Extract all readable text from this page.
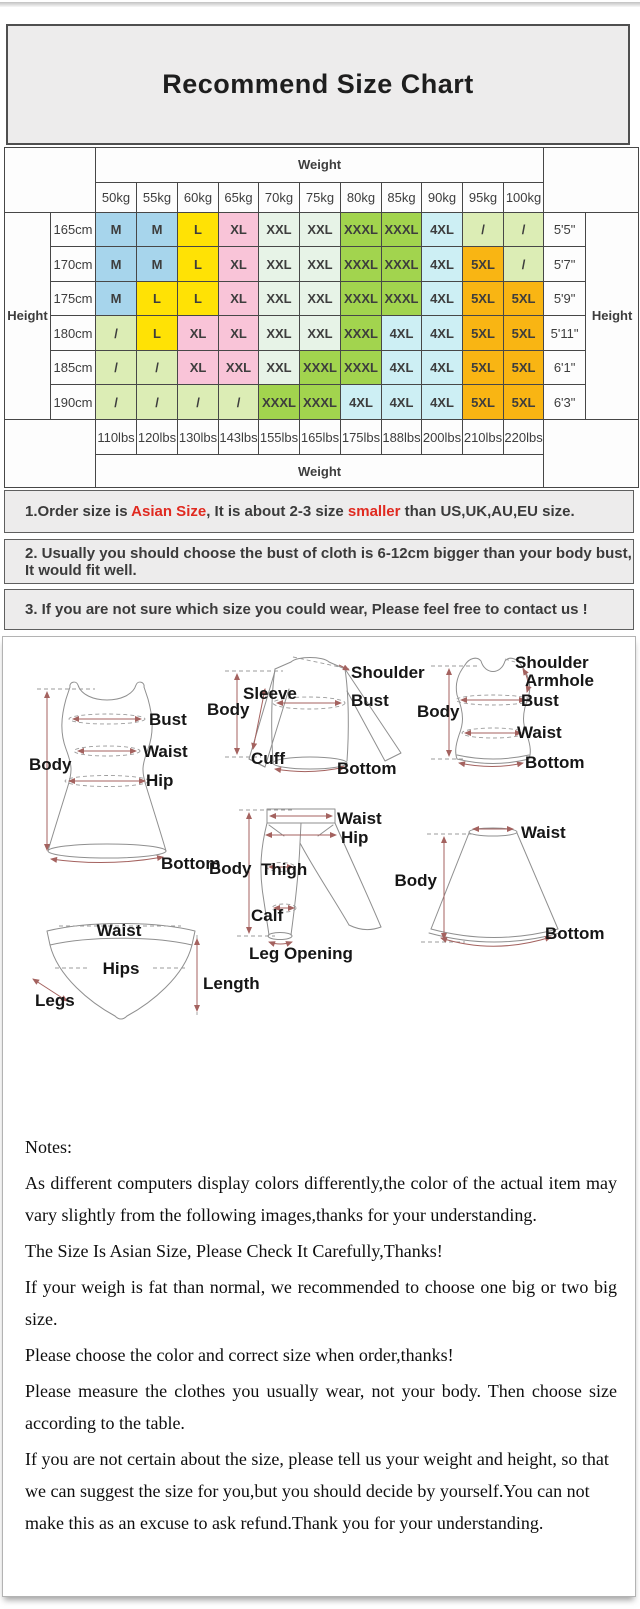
Recommend Size Chart
		Weight												
		50kg	55kg	60kg	65kg	70kg	75kg	80kg	85kg	90kg	95kg	100kg		
Height	165cm	M	M	L	XL	XXL	XXL	XXXL	XXXL	4XL	/	/	5'5"	Height
	170cm	M	M	L	XL	XXL	XXL	XXXL	XXXL	4XL	5XL	/	5'7"	
	175cm	M	L	L	XL	XXL	XXL	XXXL	XXXL	4XL	5XL	5XL	5'9"	
	180cm	/	L	XL	XL	XXL	XXL	XXXL	4XL	4XL	5XL	5XL	5'11"	
	185cm	/	/	XL	XXL	XXL	XXXL	XXXL	4XL	4XL	5XL	5XL	6'1"	
	190cm	/	/	/	/	XXXL	XXXL	4XL	4XL	4XL	5XL	5XL	6'3"	
		110lbs	120lbs	130lbs	143lbs	155lbs	165lbs	175lbs	188lbs	200lbs	210lbs	220lbs		
		Weight												
1.Order size is Asian Size, It is about 2-3 size smaller than US,UK,AU,EU size.
2. Usually you should choose the bust of cloth is 6-12cm bigger than your body bust, It would fit well.
3. If you are not sure which size you could wear, Please feel free to contact us !
Body
Bust
Waist
Hip
Bottom
Sleeve
Body
Cuff
Shoulder
Bust
Bottom
Body
Shoulder
Armhole
Bust
Waist
Bottom
Waist
Hip
Body Thigh
Calf
Leg Opening
Waist
Hips
Legs
Length
Waist
Body
Bottom

Notes:

As different computers display colors differently,the color of the actual item may vary slightly from the following images,thanks for your understanding.

The Size Is Asian Size, Please Check It Carefully,Thanks!

If your weigh is fat than normal, we recommended to choose one big or two big size.

Please choose the color and correct size when order,thanks!

Please measure the clothes you usually wear, not your body. Then choose size according to the table.

If you are not certain about the size, please tell us your weight and height, so that we can suggest the size for you,but you should decide by yourself.You can not make this as an excuse to ask refund.Thank you for your understanding.
